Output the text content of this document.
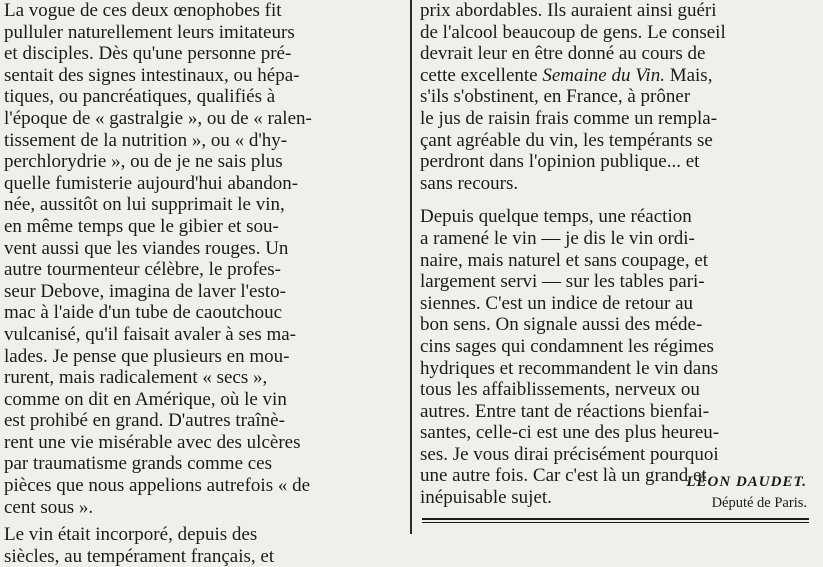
La vogue de ces deux œnophobes fit
pulluler naturellement leurs imitateurs
et disciples. Dès qu'une personne pré-
sentait des signes intestinaux, ou hépa-
tiques, ou pancréatiques, qualifiés à
l'époque de « gastralgie », ou de « ralen-
tissement de la nutrition », ou « d'hy-
perchlorydrie », ou de je ne sais plus
quelle fumisterie aujourd'hui abandon-
née, aussitôt on lui supprimait le vin,
en même temps que le gibier et sou-
vent aussi que les viandes rouges. Un
autre tourmenteur célèbre, le profes-
seur Debove, imagina de laver l'esto-
mac à l'aide d'un tube de caoutchouc
vulcanisé, qu'il faisait avaler à ses ma-
lades. Je pense que plusieurs en mou-
rurent, mais radicalement « secs »,
comme on dit en Amérique, où le vin
est prohibé en grand. D'autres traînè-
rent une vie misérable avec des ulcères
par traumatisme grands comme ces
pièces que nous appelions autrefois « de
cent sous ».
Le vin était incorporé, depuis des
siècles, au tempérament français, et
prix abordables. Ils auraient ainsi guéri
de l'alcool beaucoup de gens. Le conseil
devrait leur en être donné au cours de
cette excellente Semaine du Vin. Mais,
s'ils s'obstinent, en France, à prôner
le jus de raisin frais comme un rempla-
çant agréable du vin, les tempérants se
perdront dans l'opinion publique... et
sans recours.
Depuis quelque temps, une réaction
a ramené le vin — je dis le vin ordi-
naire, mais naturel et sans coupage, et
largement servi — sur les tables pari-
siennes. C'est un indice de retour au
bon sens. On signale aussi des méde-
cins sages qui condamnent les régimes
hydriques et recommandent le vin dans
tous les affaiblissements, nerveux ou
autres. Entre tant de réactions bienfai-
santes, celle-ci est une des plus heureu-
ses. Je vous dirai précisément pourquoi
une autre fois. Car c'est là un grand et
inépuisable sujet.
LÉON DAUDET.
Député de Paris.
